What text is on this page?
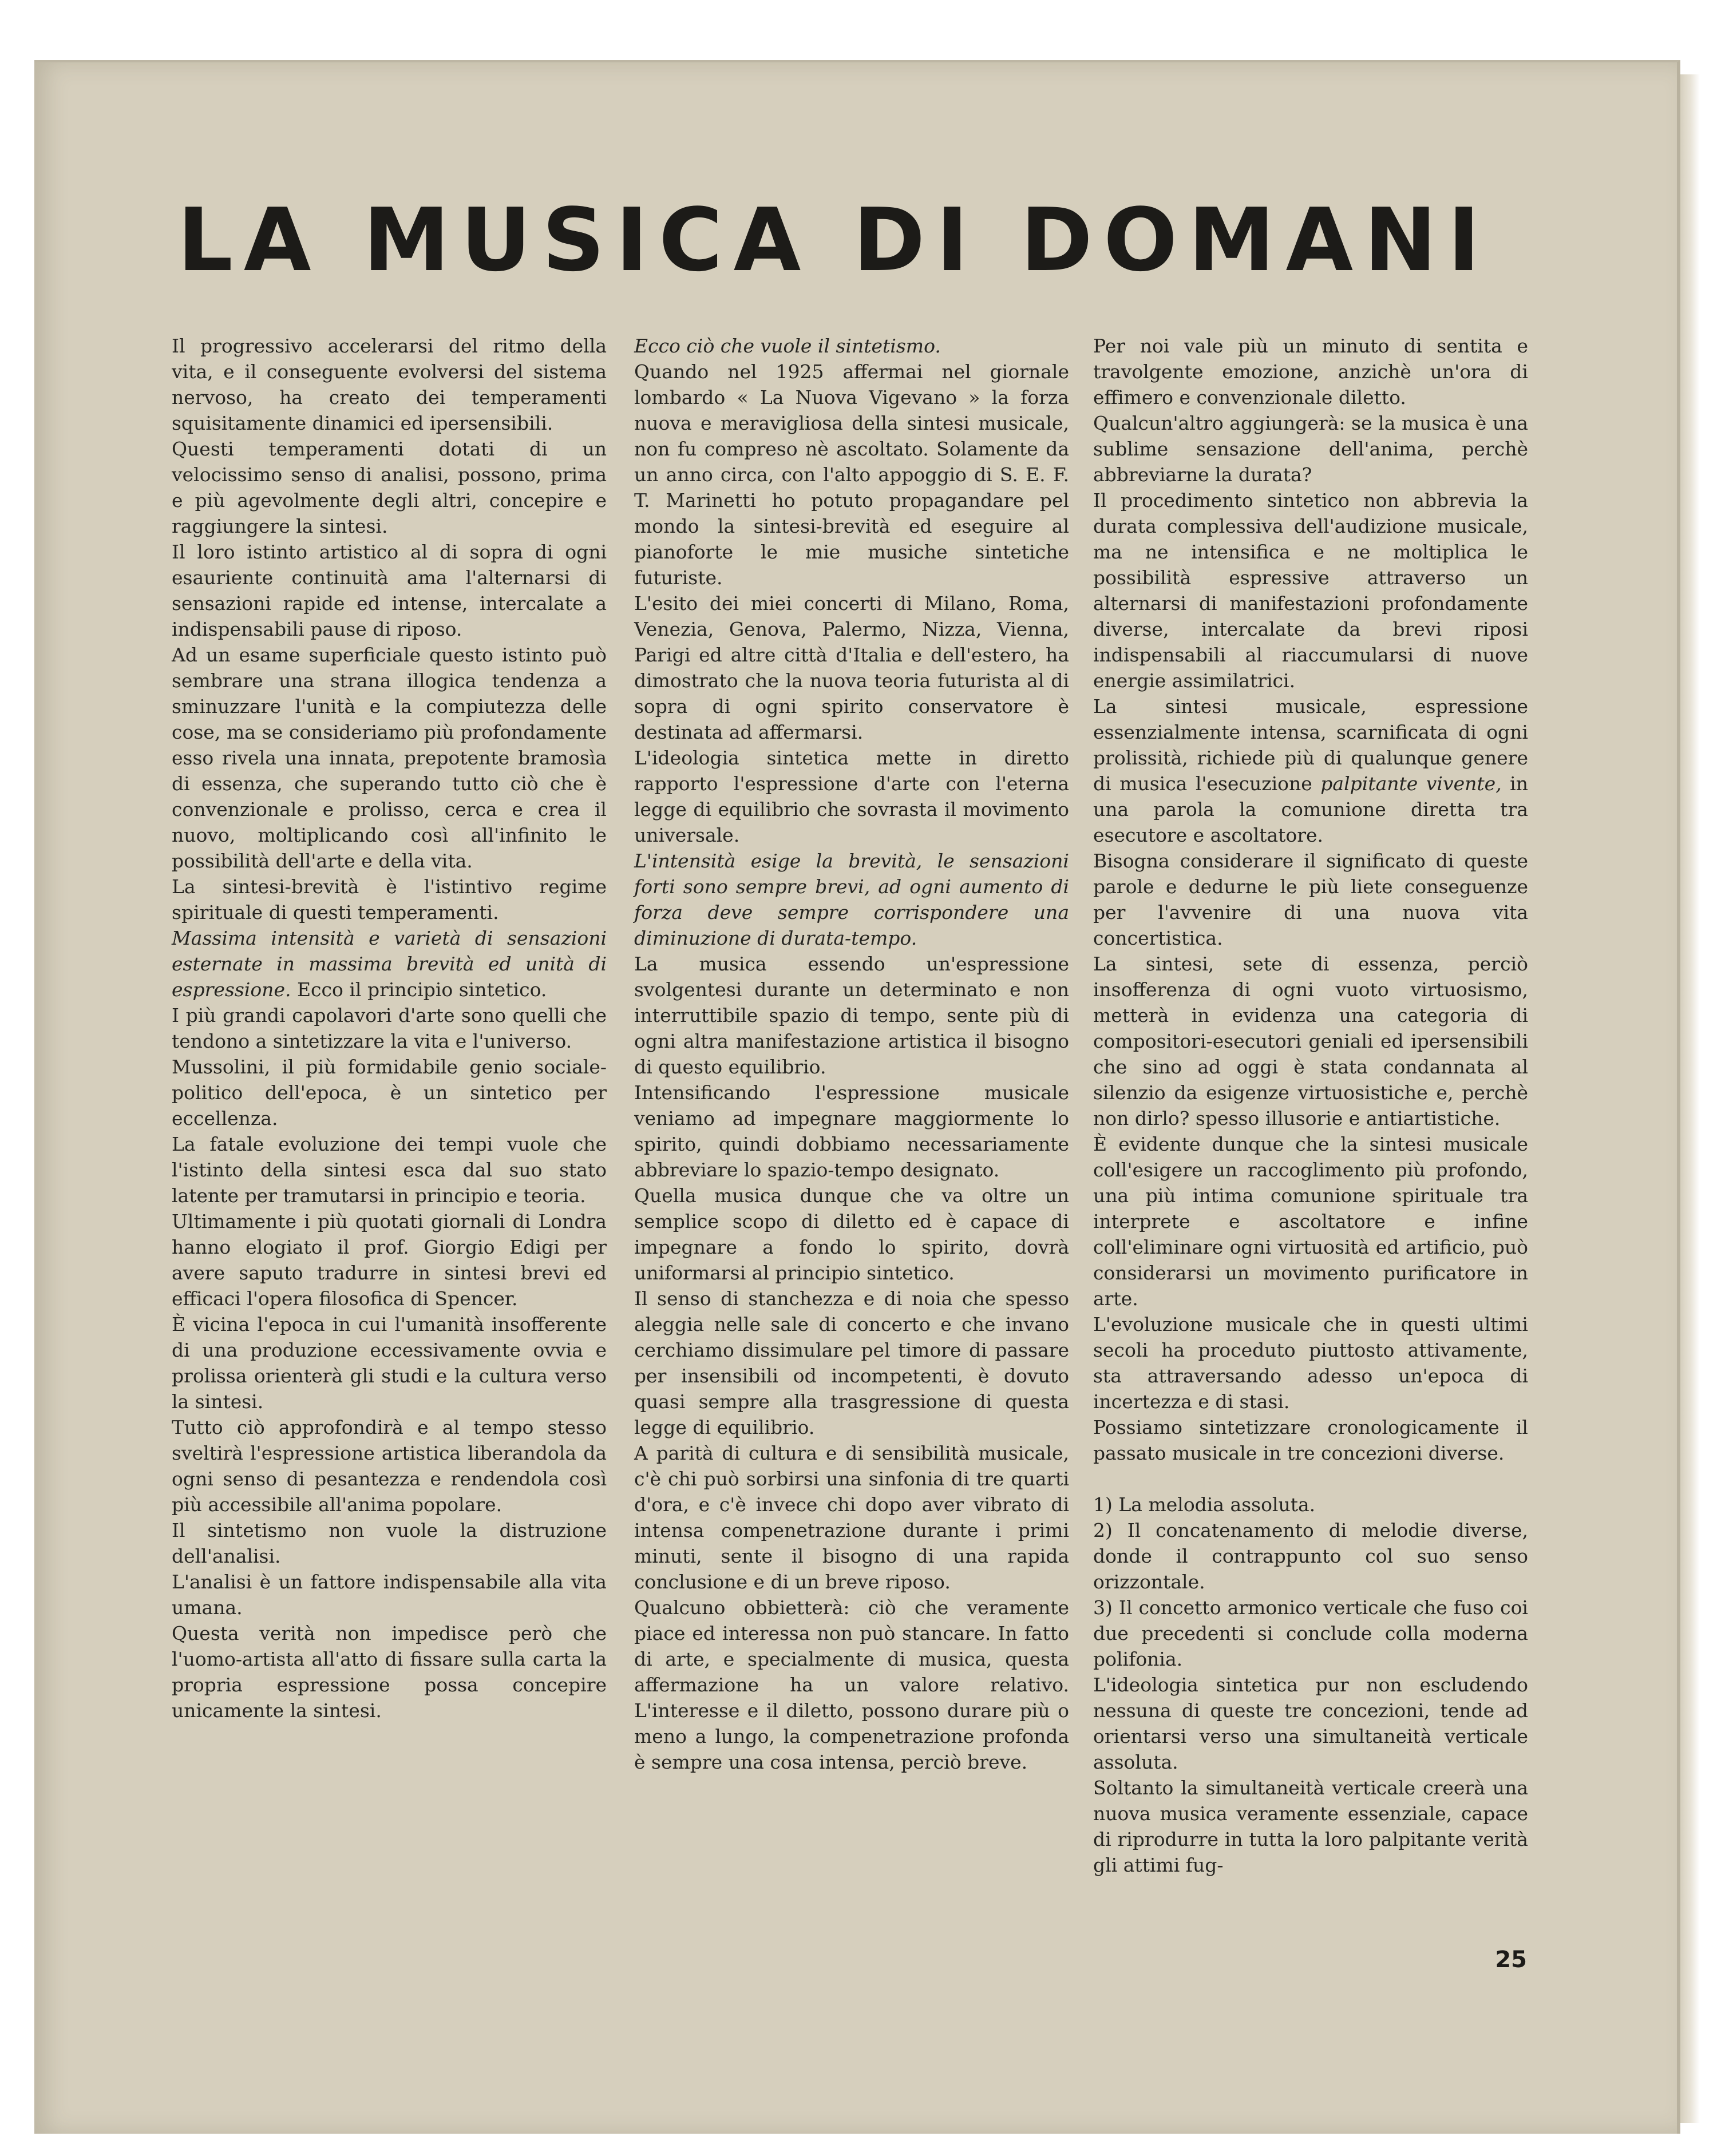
LA MUSICA DI DOMANI

Il progressivo accelerarsi del ritmo della vita, e il conseguente evolversi del sistema nervoso, ha creato dei temperamenti squisitamente dinamici ed ipersensibili.

Questi temperamenti dotati di un velocissimo senso di analisi, possono, prima e più agevolmente degli altri, concepire e raggiungere la sintesi.

Il loro istinto artistico al di sopra di ogni esauriente continuità ama l'alternarsi di sensazioni rapide ed intense, intercalate a indispensabili pause di riposo.

Ad un esame superficiale questo istinto può sembrare una strana illogica tendenza a sminuzzare l'unità e la compiutezza delle cose, ma se consideriamo più profondamente esso rivela una innata, prepotente bramosìa di essenza, che superando tutto ciò che è convenzionale e prolisso, cerca e crea il nuovo, moltiplicando così all'infinito le possibilità dell'arte e della vita.

La sintesi-brevità è l'istintivo regime spirituale di questi temperamenti.

Massima intensità e varietà di sensazioni esternate in massima brevità ed unità di espressione. Ecco il principio sintetico.

I più grandi capolavori d'arte sono quelli che tendono a sintetizzare la vita e l'universo.

Mussolini, il più formidabile genio sociale-politico dell'epoca, è un sintetico per eccellenza.

La fatale evoluzione dei tempi vuole che l'istinto della sintesi esca dal suo stato latente per tramutarsi in principio e teoria.

Ultimamente i più quotati giornali di Londra hanno elogiato il prof. Giorgio Edigi per avere saputo tradurre in sintesi brevi ed efficaci l'opera filosofica di Spencer.

È vicina l'epoca in cui l'umanità insofferente di una produzione eccessivamente ovvia e prolissa orienterà gli studi e la cultura verso la sintesi.

Tutto ciò approfondirà e al tempo stesso sveltirà l'espressione artistica liberandola da ogni senso di pesantezza e rendendola così più accessibile all'anima popolare.

Il sintetismo non vuole la distruzione dell'analisi.

L'analisi è un fattore indispensabile alla vita umana.

Questa verità non impedisce però che l'uomo-artista all'atto di fissare sulla carta la propria espressione possa concepire unicamente la sintesi.

Ecco ciò che vuole il sintetismo.

Quando nel 1925 affermai nel giornale lombardo « La Nuova Vigevano » la forza nuova e meravigliosa della sintesi musicale, non fu compreso nè ascoltato. Solamente da un anno circa, con l'alto appoggio di S. E. F. T. Marinetti ho potuto propagandare pel mondo la sintesi-brevità ed eseguire al pianoforte le mie musiche sintetiche futuriste.

L'esito dei miei concerti di Milano, Roma, Venezia, Genova, Palermo, Nizza, Vienna, Parigi ed altre città d'Italia e dell'estero, ha dimostrato che la nuova teoria futurista al di sopra di ogni spirito conservatore è destinata ad affermarsi.

L'ideologia sintetica mette in diretto rapporto l'espressione d'arte con l'eterna legge di equilibrio che sovrasta il movimento universale.

L'intensità esige la brevità, le sensazioni forti sono sempre brevi, ad ogni aumento di forza deve sempre corrispondere una diminuzione di durata-tempo.

La musica essendo un'espressione svolgentesi durante un determinato e non interruttibile spazio di tempo, sente più di ogni altra manifestazione artistica il bisogno di questo equilibrio.

Intensificando l'espressione musicale veniamo ad impegnare maggiormente lo spirito, quindi dobbiamo necessariamente abbreviare lo spazio-tempo designato.

Quella musica dunque che va oltre un semplice scopo di diletto ed è capace di impegnare a fondo lo spirito, dovrà uniformarsi al principio sintetico.

Il senso di stanchezza e di noia che spesso aleggia nelle sale di concerto e che invano cerchiamo dissimulare pel timore di passare per insensibili od incompetenti, è dovuto quasi sempre alla trasgressione di questa legge di equilibrio.

A parità di cultura e di sensibilità musicale, c'è chi può sorbirsi una sinfonia di tre quarti d'ora, e c'è invece chi dopo aver vibrato di intensa compenetrazione durante i primi minuti, sente il bisogno di una rapida conclusione e di un breve riposo.

Qualcuno obbietterà: ciò che veramente piace ed interessa non può stancare. In fatto di arte, e specialmente di musica, questa affermazione ha un valore relativo. L'interesse e il diletto, possono durare più o meno a lungo, la compenetrazione profonda è sempre una cosa intensa, perciò breve.

Per noi vale più un minuto di sentita e travolgente emozione, anzichè un'ora di effimero e convenzionale diletto.

Qualcun'altro aggiungerà: se la musica è una sublime sensazione dell'anima, perchè abbreviarne la durata?

Il procedimento sintetico non abbrevia la durata complessiva dell'audizione musicale, ma ne intensifica e ne moltiplica le possibilità espressive attraverso un alternarsi di manifestazioni profondamente diverse, intercalate da brevi riposi indispensabili al riaccumularsi di nuove energie assimilatrici.

La sintesi musicale, espressione essenzialmente intensa, scarnificata di ogni prolissità, richiede più di qualunque genere di musica l'esecuzione palpitante vivente, in una parola la comunione diretta tra esecutore e ascoltatore.

Bisogna considerare il significato di queste parole e dedurne le più liete conseguenze per l'avvenire di una nuova vita concertistica.

La sintesi, sete di essenza, perciò insofferenza di ogni vuoto virtuosismo, metterà in evidenza una categoria di compositori-esecutori geniali ed ipersensibili che sino ad oggi è stata condannata al silenzio da esigenze virtuosistiche e, perchè non dirlo? spesso illusorie e antiartistiche.

È evidente dunque che la sintesi musicale coll'esigere un raccoglimento più profondo, una più intima comunione spirituale tra interprete e ascoltatore e infine coll'eliminare ogni virtuosità ed artificio, può considerarsi un movimento purificatore in arte.

L'evoluzione musicale che in questi ultimi secoli ha proceduto piuttosto attivamente, sta attraversando adesso un'epoca di incertezza e di stasi.

Possiamo sintetizzare cronologicamente il passato musicale in tre concezioni diverse.

1) La melodia assoluta.

2) Il concatenamento di melodie diverse, donde il contrappunto col suo senso orizzontale.

3) Il concetto armonico verticale che fuso coi due precedenti si conclude colla moderna polifonia.

L'ideologia sintetica pur non escludendo nessuna di queste tre concezioni, tende ad orientarsi verso una simultaneità verticale assoluta.

Soltanto la simultaneità verticale creerà una nuova musica veramente essenziale, capace di riprodurre in tutta la loro palpitante verità gli attimi fug-

25
